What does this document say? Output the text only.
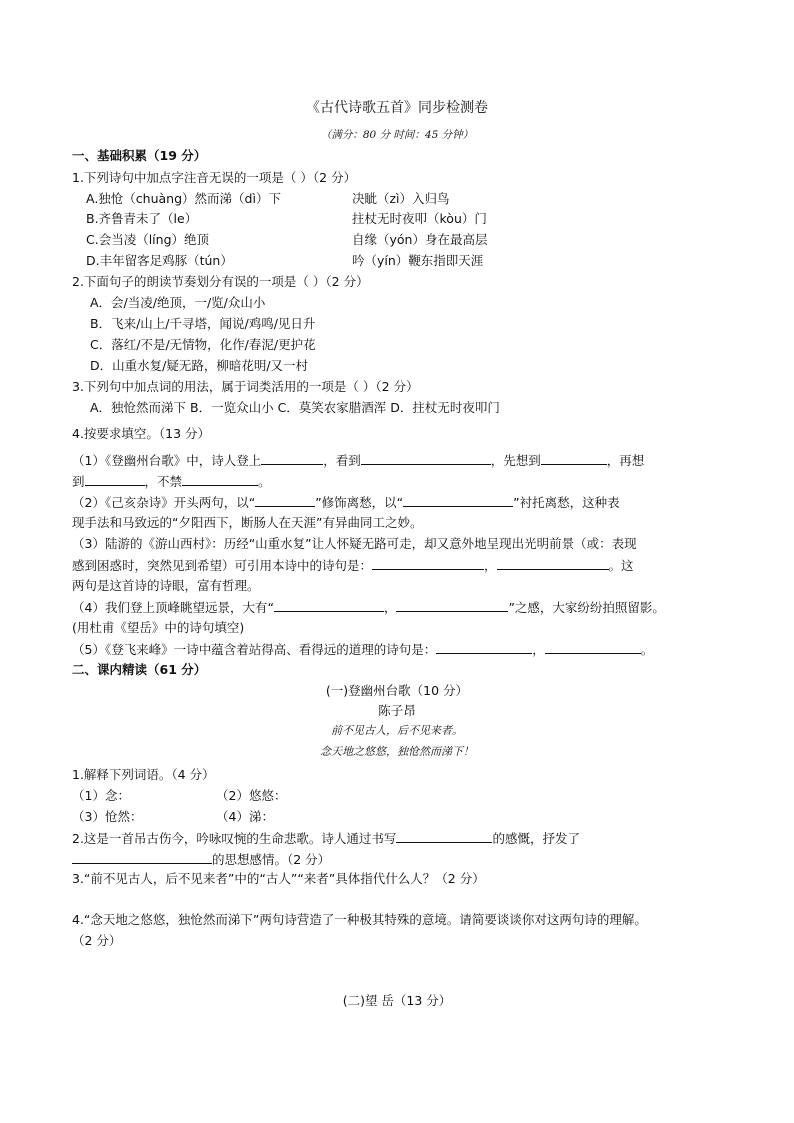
《古代诗歌五首》同步检测卷
（满分：80 分 时间：45 分钟）
一、基础积累（19 分）
1.下列诗句中加点字注音无误的一项是（ ）（2 分）
A.独怆（chuàng）然而涕（dì）下	决眦（zì）入归鸟
B.齐鲁青未了（le）	拄杖无时夜叩（kòu）门
C.会当凌（líng）绝顶	自缘（yón）身在最高层
D.丰年留客足鸡豚（tún）	吟（yín）鞭东指即天涯
2.下面句子的朗读节奏划分有误的一项是（ ）（2 分）
A．会/当凌/绝顶，一/览/众山小
B．飞来/山上/千寻塔，闻说/鸡鸣/见日升
C．落红/不是/无情物，化作/春泥/更护花
D．山重水复/疑无路，柳暗花明/又一村
3.下列句中加点词的用法，属于词类活用的一项是（ ）（2 分）
A．独怆然而涕下 B．一览众山小 C．莫笑农家腊酒浑 D．拄杖无时夜叩门
4.按要求填空。（13 分）
（1）《登幽州台歌》中，诗人登上	，看到	，先想到	，再想
到	，不禁	。
（2）《己亥杂诗》开头两句，以“	”修饰离愁，以“	”衬托离愁，这种表
现手法和马致远的“夕阳西下，断肠人在天涯”有异曲同工之妙。
（3）陆游的《游山西村》：历经“山重水复”让人怀疑无路可走，却又意外地呈现出光明前景（或：表现
感到困惑时，突然见到希望）可引用本诗中的诗句是：	，	。这
两句是这首诗的诗眼，富有哲理。
（4）我们登上顶峰眺望远景，大有“	，	”之感，大家纷纷拍照留影。
(用杜甫《望岳》中的诗句填空)
（5）《登飞来峰》一诗中蕴含着站得高、看得远的道理的诗句是：	，	。
二、课内精读（61 分）
(一)登幽州台歌（10 分）
陈子昂
前不见古人，后不见来者。
念天地之悠悠，独怆然而涕下！
1.解释下列词语。（4 分）
（1）念：	（2）悠悠：
（3）怆然：	（4）涕：
2.这是一首吊古伤今，吟咏叹惋的生命悲歌。诗人通过书写	的感慨，抒发了
的思想感情。（2 分）
3.“前不见古人，后不见来者”中的“古人”“来者”具体指代什么人？（2 分）
4.“念天地之悠悠，独怆然而涕下”两句诗营造了一种极其特殊的意境。请简要谈谈你对这两句诗的理解。
（2 分）
(二)望 岳（13 分）
